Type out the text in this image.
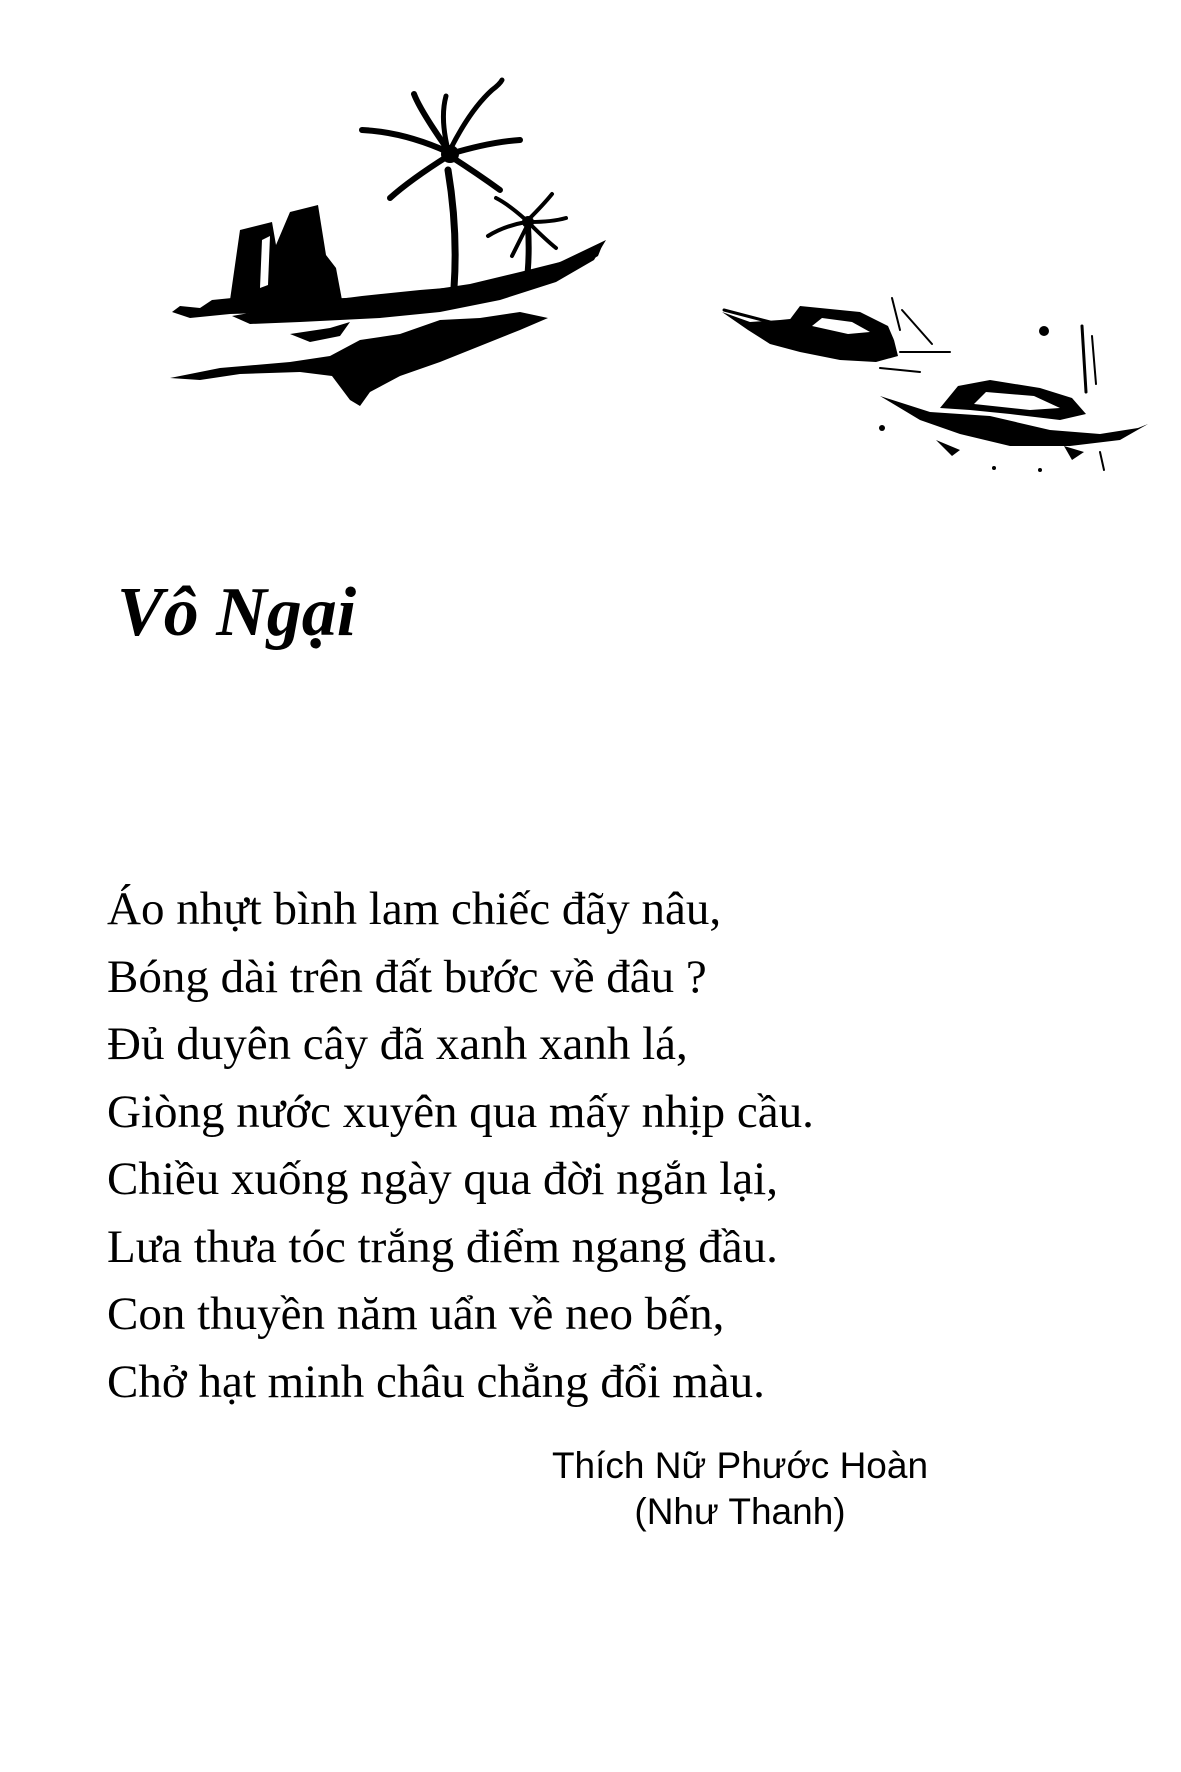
Vô Ngại
Áo nhựt bình lam chiếc đãy nâu,
Bóng dài trên đất bước về đâu ?
Đủ duyên cây đã xanh xanh lá,
Giòng nước xuyên qua mấy nhịp cầu.
Chiều xuống ngày qua đời ngắn lại,
Lưa thưa tóc trắng điểm ngang đầu.
Con thuyền năm uẩn về neo bến,
Chở hạt minh châu chẳng đổi màu.
Thích Nữ Phước Hoàn
(Như Thanh)
